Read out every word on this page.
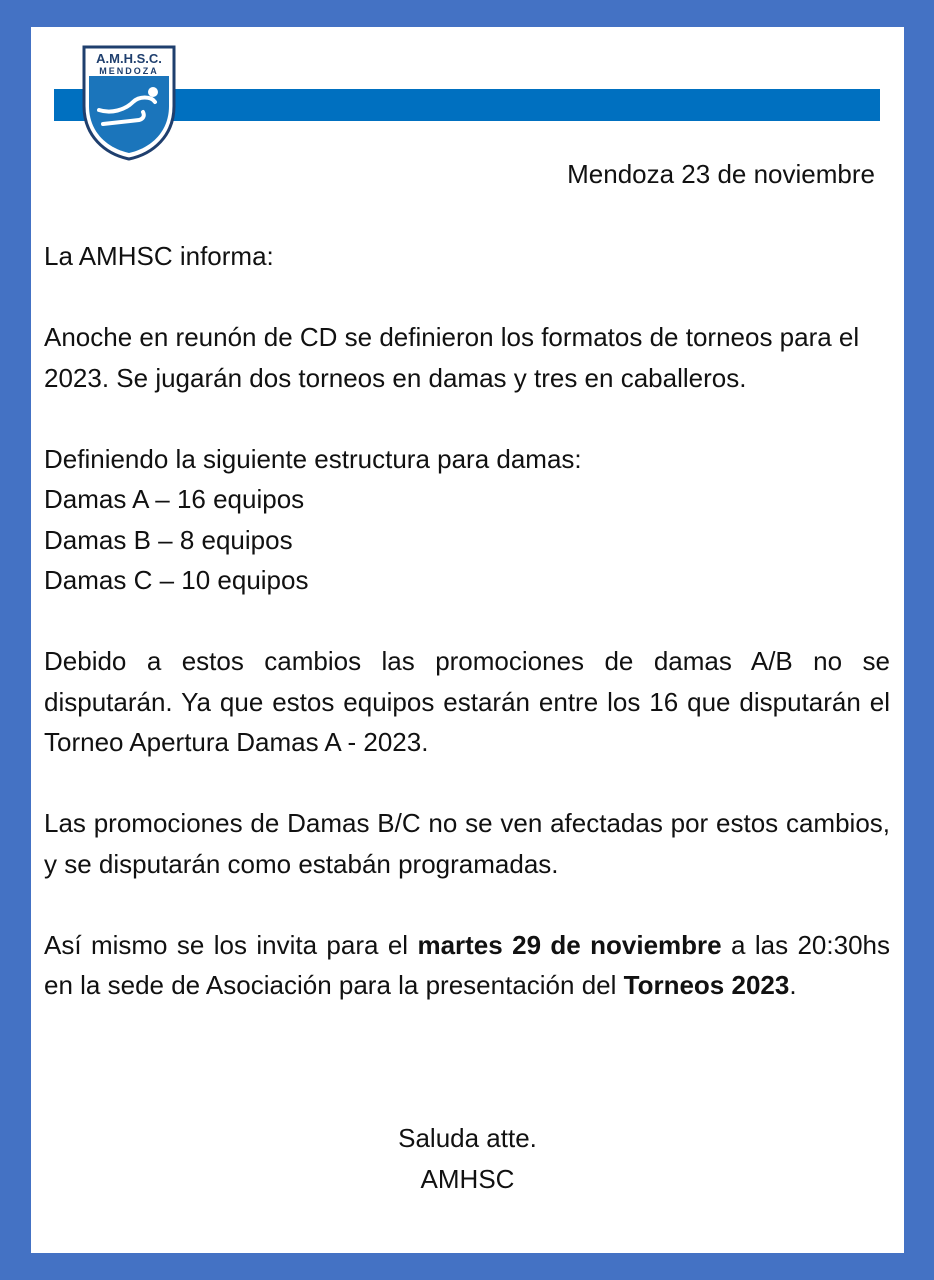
A.M.H.S.C.
MENDOZA
Mendoza 23 de noviembre

La AMHSC informa:

Anoche en reunón de CD se definieron los formatos de torneos para el 2023. Se jugarán dos torneos en damas y tres en caballeros.

Definiendo la siguiente estructura para damas:

Damas A – 16 equipos

Damas B – 8 equipos

Damas C – 10 equipos

Debido a estos cambios las promociones de damas A/B no se disputarán. Ya que estos equipos estarán entre los 16 que disputarán el Torneo Apertura Damas A - 2023.

Las promociones de Damas B/C no se ven afectadas por estos cambios, y se disputarán como estabán programadas.

Así mismo se los invita para el martes 29 de noviembre a las 20:30hs en la sede de Asociación para la presentación del Torneos 2023.

Saluda atte.
AMHSC
